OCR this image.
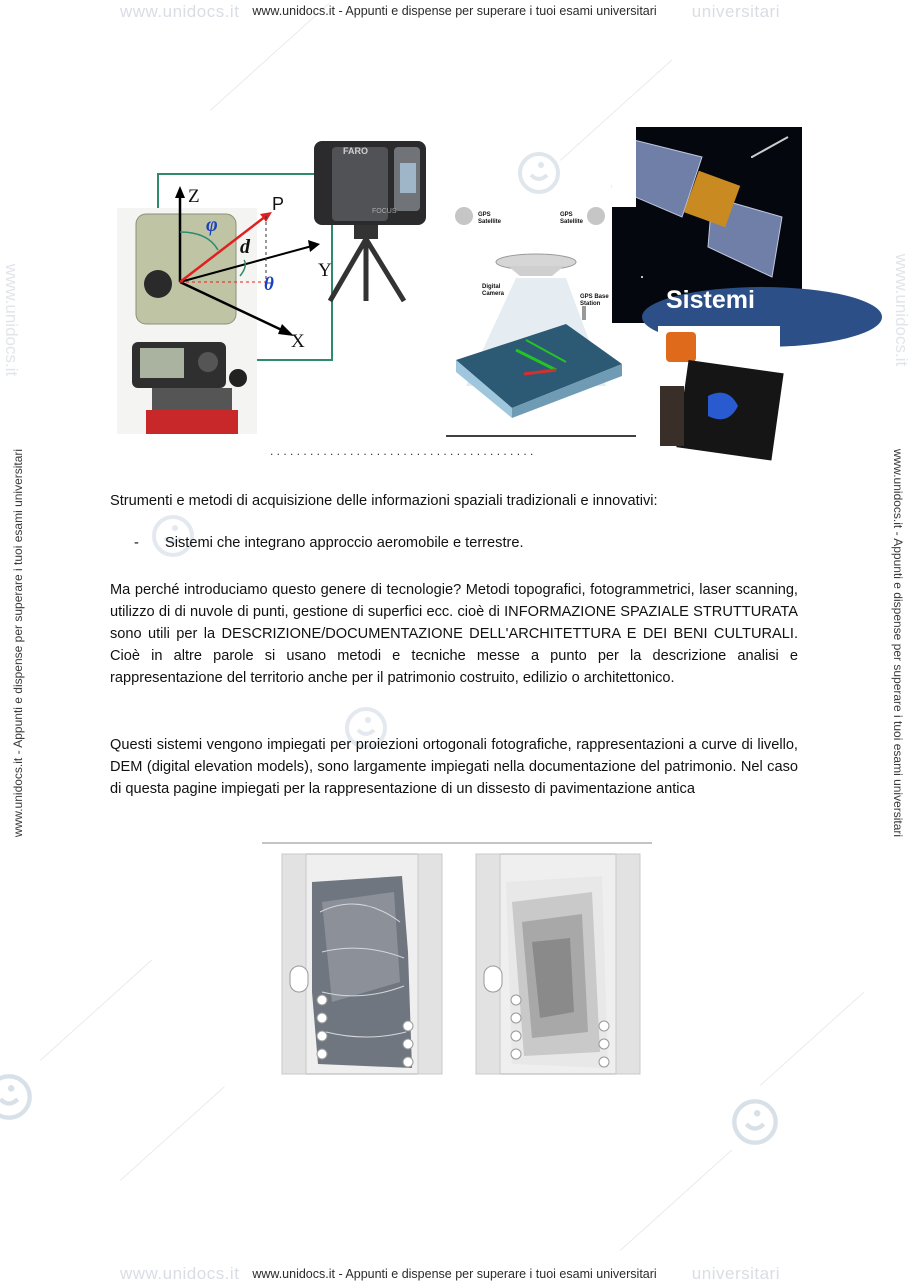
www.unidocs.it	universitari
www.unidocs.it - Appunti e dispense per superare i tuoi esami universitari
www.unidocs.it	universitari
www.unidocs.it - Appunti e dispense per superare i tuoi esami universitari
www.unidocs.it - Appunti e dispense per superare i tuoi esami universitari	www.unidocs.it - Appunti e dispense per superare i tuoi esami universitari
www.unidocs.it	www.unidocs.it
Z	P
Y
X
φ
d
θ
FARO
FOCUS	GPS Satellite
GPS Satellite
Digital Camera	GPS Base Station	Sistemi
. . . . . . . . . . . . . . . . . . . . . . . . . . . . . . . . . . . . . . . .
Strumenti e metodi di acquisizione delle informazioni spaziali tradizionali e innovativi:
- Sistemi che integrano approccio aeromobile e terrestre.
Ma perché introduciamo questo genere di tecnologie? Metodi topografici, fotogrammetrici, laser scanning, utilizzo di di nuvole di punti, gestione di superfici ecc. cioè di INFORMAZIONE SPAZIALE STRUTTURATA sono utili per la DESCRIZIONE/DOCUMENTAZIONE DELL'ARCHITETTURA E DEI BENI CULTURALI. Cioè in altre parole si usano metodi e tecniche messe a punto per la descrizione analisi e rappresentazione del territorio anche per il patrimonio costruito, edilizio o architettonico.
Questi sistemi vengono impiegati per proiezioni ortogonali fotografiche, rappresentazioni a curve di livello, DEM (digital elevation models), sono largamente impiegati nella documentazione del patrimonio. Nel caso di questa pagine impiegati per la rappresentazione di un dissesto di pavimentazione antica
